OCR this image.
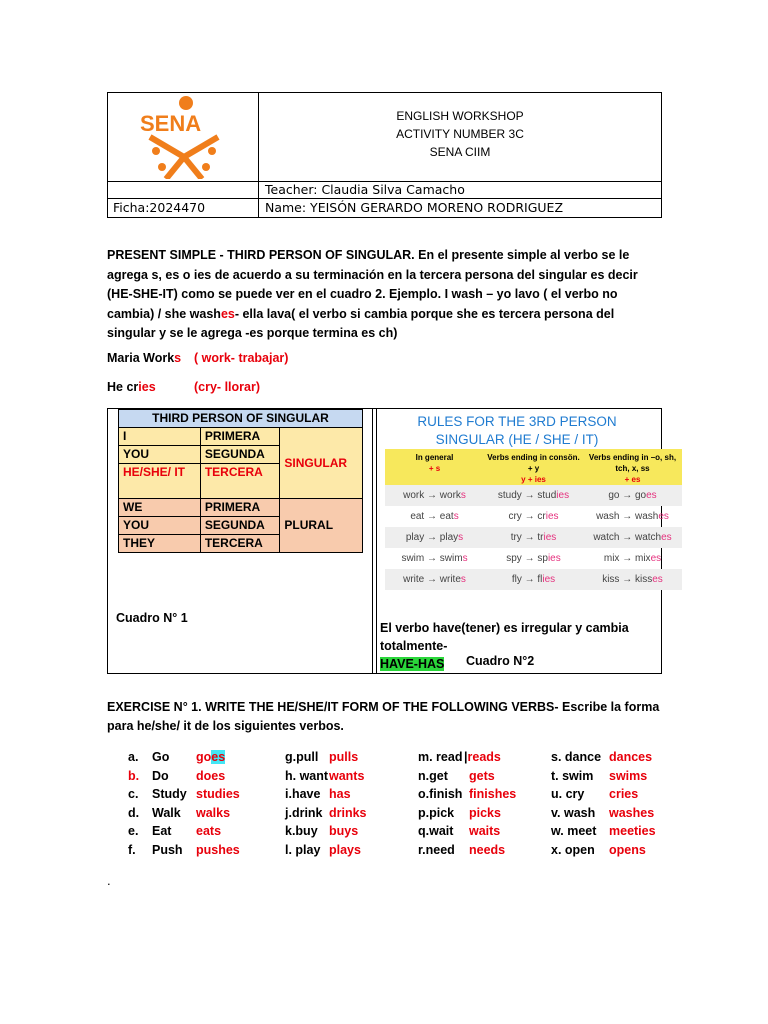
SENA	ENGLISH WORKSHOP
ACTIVITY NUMBER 3C
SENA CIIM
Teacher: Claudia Silva Camacho
Ficha:2024470	Name: YEISÓN GERARDO MORENO RODRIGUEZ
PRESENT SIMPLE - THIRD PERSON OF SINGULAR. En el presente simple al verbo se le agrega s, es o ies de acuerdo a su terminación en la tercera persona del singular es decir (HE-SHE-IT) como se puede ver en el cuadro 2. Ejemplo. I wash – yo lavo ( el verbo no cambia) / she washes- ella lava( el verbo si cambia porque she es tercera persona del singular y se le agrega -es porque termina es ch)
Maria Works ( work- trabajar)
He cries	(cry- llorar)
THIRD PERSON OF SINGULAR		
I	PRIMERA	SINGULAR
YOU	SEGUNDA	
HE/SHE/ IT	TERCERA	
WE	PRIMERA	PLURAL
YOU	SEGUNDA	
THEY	TERCERA	
Cuadro N° 1
RULES FOR THE 3RD PERSON SINGULAR (HE / SHE / IT)
In general
+ s
Verbs ending in consön. + y
y + ies
Verbs ending in –o, sh, tch, x, ss
+ es
work → works	study → studies	go → goes
eat → eats	cry → cries	wash → washes
play → plays	try → tries	watch → watches
swim → swims	spy → spies	mix → mixes
write → writes	fly → flies	kiss → kisses
El verbo have(tener) es irregular y cambia totalmente-
HAVE-HAS	Cuadro N°2
EXERCISE N° 1. WRITE THE HE/SHE/IT FORM OF THE FOLLOWING VERBS- Escribe la forma para he/she/ it de los siguientes verbos.
a.	Go	goes
b.	Do	does
c.	Study studies
d.	Walk	walks
e.	Eat	eats
f.	Push	pushes
g.pull pulls
h. want wants
i.have has
j.drink drinks
k.buy buys
l. play plays
m. read | reads
n.get	gets
o.finish finishes
p.pick	picks
q.wait	waits
r.need	needs
s. dance dances
t. swim	swims
u. cry	cries
v. wash	washes
w. meet	meeties
x. open	opens
.
